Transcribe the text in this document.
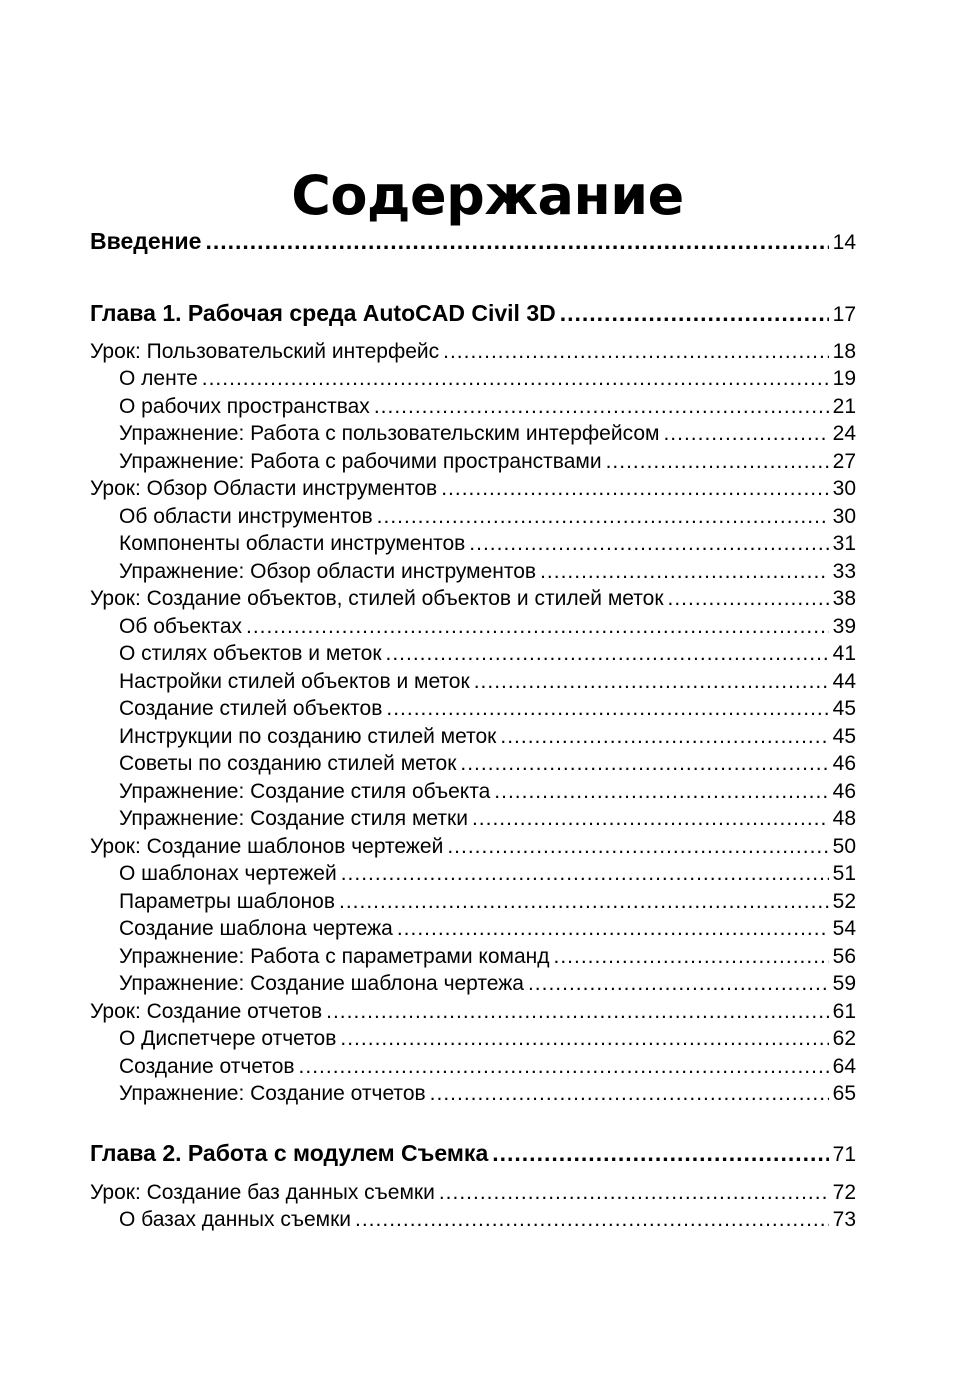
Содержание
Введение .....	14
Глава 1. Рабочая среда AutoCAD Civil 3D .....	17
Урок: Пользовательский интерфейс .....	18
О ленте .....	19
О рабочих пространствах .....	21
Упражнение: Работа с пользовательским интерфейсом .....	24
Упражнение: Работа с рабочими пространствами .....	27
Урок: Обзор Области инструментов .....	30
Об области инструментов .....	30
Компоненты области инструментов .....	31
Упражнение: Обзор области инструментов .....	33
Урок: Создание объектов, стилей объектов и стилей меток .....	38
Об объектах .....	39
О стилях объектов и меток .....	41
Настройки стилей объектов и меток .....	44
Создание стилей объектов .....	45
Инструкции по созданию стилей меток .....	45
Советы по созданию стилей меток .....	46
Упражнение: Создание стиля объекта .....	46
Упражнение: Создание стиля метки .....	48
Урок: Создание шаблонов чертежей .....	50
О шаблонах чертежей .....	51
Параметры шаблонов .....	52
Создание шаблона чертежа .....	54
Упражнение: Работа с параметрами команд .....	56
Упражнение: Создание шаблона чертежа .....	59
Урок: Создание отчетов .....	61
О Диспетчере отчетов .....	62
Создание отчетов .....	64
Упражнение: Создание отчетов .....	65
Глава 2. Работа с модулем Съемка .....	71
Урок: Создание баз данных съемки .....	72
О базах данных съемки .....	73
